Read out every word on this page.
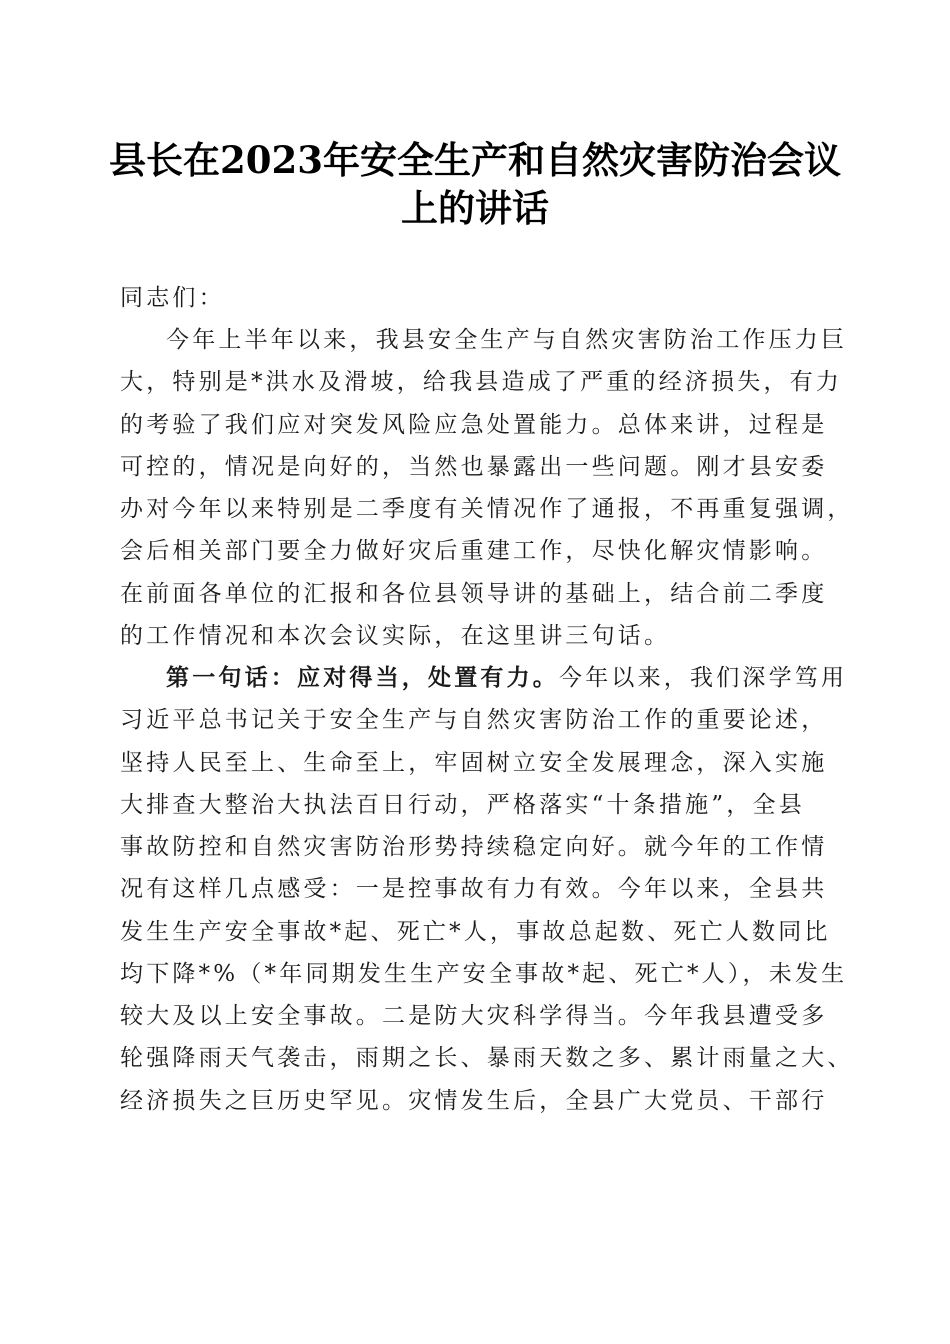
县长在2023年安全生产和自然灾害防治会议
上的讲话
同志们：
今年上半年以来，我县安全生产与自然灾害防治工作压力巨
大，特别是*洪水及滑坡，给我县造成了严重的经济损失，有力
的考验了我们应对突发风险应急处置能力。总体来讲，过程是
可控的，情况是向好的，当然也暴露出一些问题。刚才县安委
办对今年以来特别是二季度有关情况作了通报，不再重复强调，
会后相关部门要全力做好灾后重建工作，尽快化解灾情影响。
在前面各单位的汇报和各位县领导讲的基础上，结合前二季度
的工作情况和本次会议实际，在这里讲三句话。
第一句话：应对得当，处置有力。今年以来，我们深学笃用
习近平总书记关于安全生产与自然灾害防治工作的重要论述，
坚持人民至上、生命至上，牢固树立安全发展理念，深入实施
大排查大整治大执法百日行动，严格落实“十条措施”，全县
事故防控和自然灾害防治形势持续稳定向好。就今年的工作情
况有这样几点感受：一是控事故有力有效。今年以来，全县共
发生生产安全事故*起、死亡*人，事故总起数、死亡人数同比
均下降*%（*年同期发生生产安全事故*起、死亡*人），未发生
较大及以上安全事故。二是防大灾科学得当。今年我县遭受多
轮强降雨天气袭击，雨期之长、暴雨天数之多、累计雨量之大、
经济损失之巨历史罕见。灾情发生后，全县广大党员、干部行
